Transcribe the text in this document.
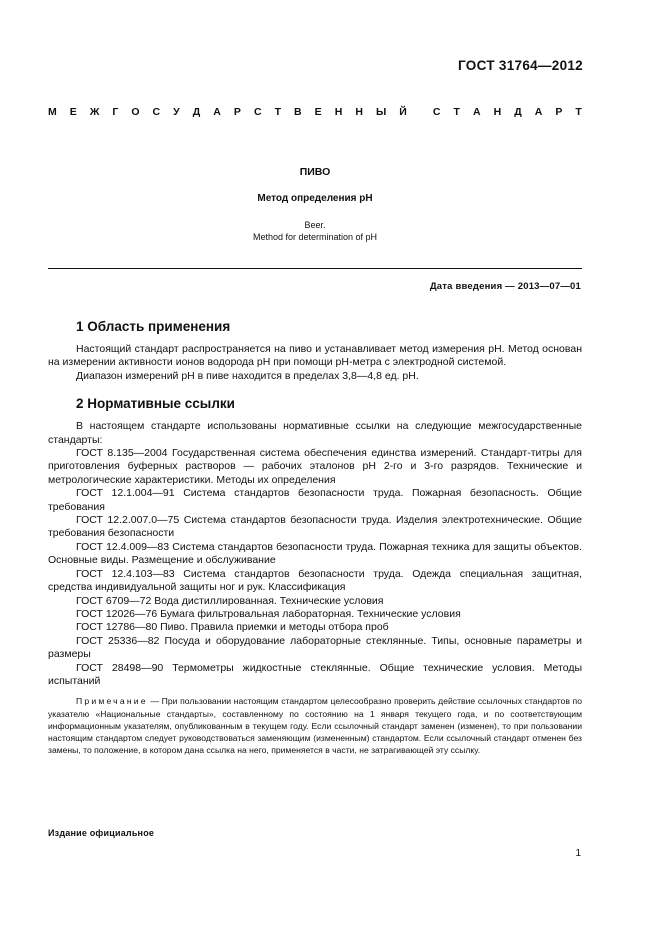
ГОСТ 31764—2012
М Е Ж Г О С У Д А Р С Т В Е Н Н Ы Й С Т А Н Д А Р Т
ПИВО
Метод определения pH
Beer.
Method for determination of pH
Дата введения — 2013—07—01
1 Область применения

Настоящий стандарт распространяется на пиво и устанавливает метод измерения pH. Метод основан на измерении активности ионов водорода pH при помощи pH-метра с электродной системой.

Диапазон измерений pH в пиве находится в пределах 3,8—4,8 ед. pH.

2 Нормативные ссылки

В настоящем стандарте использованы нормативные ссылки на следующие межгосударственные стандарты:

ГОСТ 8.135—2004 Государственная система обеспечения единства измерений. Стандарт-титры для приготовления буферных растворов — рабочих эталонов pH 2-го и 3-го разрядов. Технические и метрологические характеристики. Методы их определения

ГОСТ 12.1.004—91 Система стандартов безопасности труда. Пожарная безопасность. Общие требования

ГОСТ 12.2.007.0—75 Система стандартов безопасности труда. Изделия электротехнические. Общие требования безопасности

ГОСТ 12.4.009—83 Система стандартов безопасности труда. Пожарная техника для защиты объектов. Основные виды. Размещение и обслуживание

ГОСТ 12.4.103—83 Система стандартов безопасности труда. Одежда специальная защитная, средства индивидуальной защиты ног и рук. Классификация

ГОСТ 6709—72 Вода дистиллированная. Технические условия

ГОСТ 12026—76 Бумага фильтровальная лабораторная. Технические условия

ГОСТ 12786—80 Пиво. Правила приемки и методы отбора проб

ГОСТ 25336—82 Посуда и оборудование лабораторные стеклянные. Типы, основные параметры и размеры

ГОСТ 28498—90 Термометры жидкостные стеклянные. Общие технические условия. Методы испытаний

Примечание — При пользовании настоящим стандартом целесообразно проверить действие ссылочных стандартов по указателю «Национальные стандарты», составленному по состоянию на 1 января текущего года, и по соответствующим информационным указателям, опубликованным в текущем году. Если ссылочный стандарт заменен (изменен), то при пользовании настоящим стандартом следует руководствоваться заменяющим (измененным) стандартом. Если ссылочный стандарт отменен без замены, то положение, в котором дана ссылка на него, применяется в части, не затрагивающей эту ссылку.

Издание официальное
1
